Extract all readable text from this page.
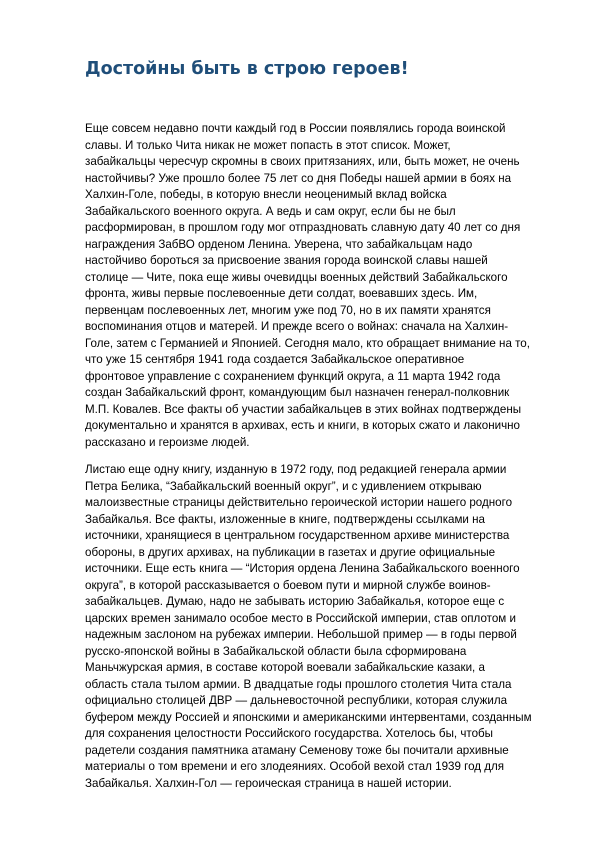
Достойны быть в строю героев!
Еще совсем недавно почти каждый год в России появлялись города воинской
славы. И только Чита никак не может попасть в этот список. Может,
забайкальцы чересчур скромны в своих притязаниях, или, быть может, не очень
настойчивы? Уже прошло более 75 лет со дня Победы нашей армии в боях на
Халхин-Голе, победы, в которую внесли неоценимый вклад войска
Забайкальского военного округа. А ведь и сам округ, если бы не был
расформирован, в прошлом году мог отпраздновать славную дату 40 лет со дня
награждения ЗабВО орденом Ленина. Уверена, что забайкальцам надо
настойчиво бороться за присвоение звания города воинской славы нашей
столице — Чите, пока еще живы очевидцы военных действий Забайкальского
фронта, живы первые послевоенные дети солдат, воевавших здесь. Им,
первенцам послевоенных лет, многим уже под 70, но в их памяти хранятся
воспоминания отцов и матерей. И прежде всего о войнах: сначала на Халхин-
Голе, затем с Германией и Японией. Сегодня мало, кто обращает внимание на то,
что уже 15 сентября 1941 года создается Забайкальское оперативное
фронтовое управление с сохранением функций округа, а 11 марта 1942 года
создан Забайкальский фронт, командующим был назначен генерал-полковник
М.П. Ковалев. Все факты об участии забайкальцев в этих войнах подтверждены
документально и хранятся в архивах, есть и книги, в которых сжато и лаконично
рассказано и героизме людей.
Листаю еще одну книгу, изданную в 1972 году, под редакцией генерала армии
Петра Белика, “Забайкальский военный округ”, и с удивлением открываю
малоизвестные страницы действительно героической истории нашего родного
Забайкалья. Все факты, изложенные в книге, подтверждены ссылками на
источники, хранящиеся в центральном государственном архиве министерства
обороны, в других архивах, на публикации в газетах и другие официальные
источники. Еще есть книга — “История ордена Ленина Забайкальского военного
округа”, в которой рассказывается о боевом пути и мирной службе воинов-
забайкальцев. Думаю, надо не забывать историю Забайкалья, которое еще с
царских времен занимало особое место в Российской империи, став оплотом и
надежным заслоном на рубежах империи. Небольшой пример — в годы первой
русско-японской войны в Забайкальской области была сформирована
Маньчжурская армия, в составе которой воевали забайкальские казаки, а
область стала тылом армии. В двадцатые годы прошлого столетия Чита стала
официально столицей ДВР — дальневосточной республики, которая служила
буфером между Россией и японскими и американскими интервентами, созданным
для сохранения целостности Российского государства. Хотелось бы, чтобы
радетели создания памятника атаману Семенову тоже бы почитали архивные
материалы о том времени и его злодеяниях. Особой вехой стал 1939 год для
Забайкалья. Халхин-Гол — героическая страница в нашей истории.
